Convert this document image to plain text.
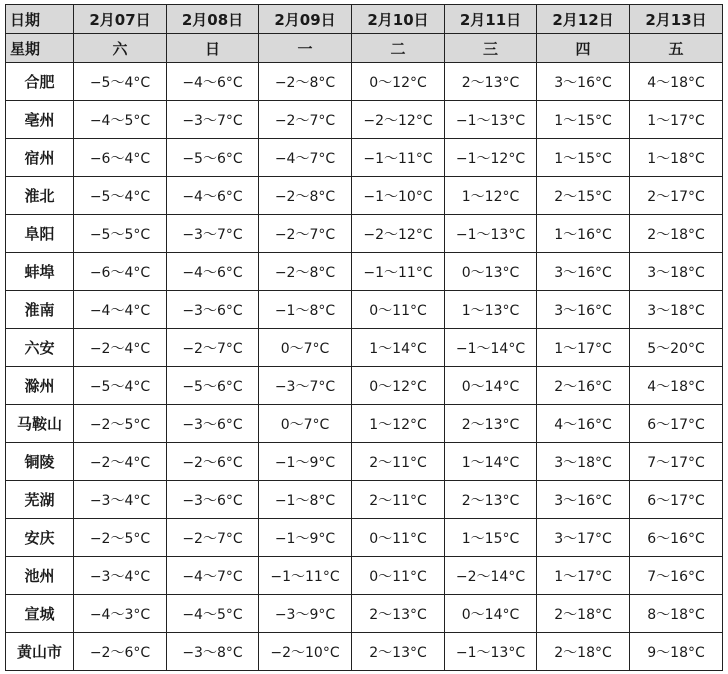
日期	2月07日	2月08日	2月09日	2月10日	2月11日	2月12日	2月13日
星期	六	日	一	二	三	四	五
合肥	−5～4°C	−4～6°C	−2～8°C	0～12°C	2～13°C	3～16°C	4～18°C
亳州	−4～5°C	−3～7°C	−2～7°C	−2～12°C	−1～13°C	1～15°C	1～17°C
宿州	−6～4°C	−5～6°C	−4～7°C	−1～11°C	−1～12°C	1～15°C	1～18°C
淮北	−5～4°C	−4～6°C	−2～8°C	−1～10°C	1～12°C	2～15°C	2～17°C
阜阳	−5～5°C	−3～7°C	−2～7°C	−2～12°C	−1～13°C	1～16°C	2～18°C
蚌埠	−6～4°C	−4～6°C	−2～8°C	−1～11°C	0～13°C	3～16°C	3～18°C
淮南	−4～4°C	−3～6°C	−1～8°C	0～11°C	1～13°C	3～16°C	3～18°C
六安	−2～4°C	−2～7°C	0～7°C	1～14°C	−1～14°C	1～17°C	5～20°C
滁州	−5～4°C	−5～6°C	−3～7°C	0～12°C	0～14°C	2～16°C	4～18°C
马鞍山	−2～5°C	−3～6°C	0～7°C	1～12°C	2～13°C	4～16°C	6～17°C
铜陵	−2～4°C	−2～6°C	−1～9°C	2～11°C	1～14°C	3～18°C	7～17°C
芜湖	−3～4°C	−3～6°C	−1～8°C	2～11°C	2～13°C	3～16°C	6～17°C
安庆	−2～5°C	−2～7°C	−1～9°C	0～11°C	1～15°C	3～17°C	6～16°C
池州	−3～4°C	−4～7°C	−1～11°C	0～11°C	−2～14°C	1～17°C	7～16°C
宣城	−4～3°C	−4～5°C	−3～9°C	2～13°C	0～14°C	2～18°C	8～18°C
黄山市	−2～6°C	−3～8°C	−2～10°C	2～13°C	−1～13°C	2～18°C	9～18°C
